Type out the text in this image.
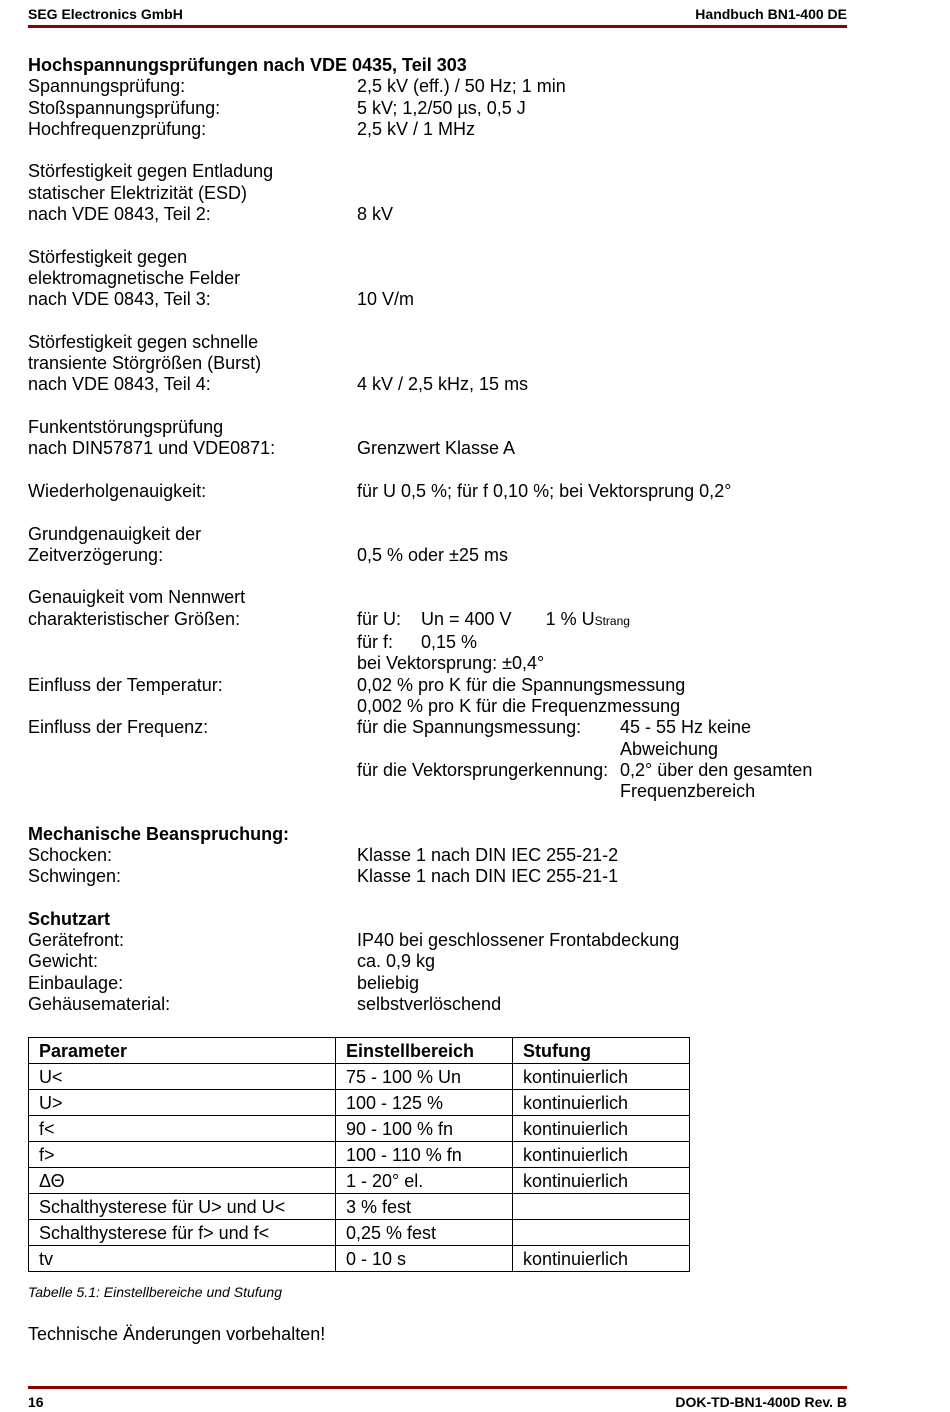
SEG Electronics GmbH	Handbuch BN1-400 DE
Hochspannungsprüfungen nach VDE 0435, Teil 303
Spannungsprüfung:	2,5 kV (eff.) / 50 Hz; 1 min
Stoßspannungsprüfung:	5 kV; 1,2/50 µs, 0,5 J
Hochfrequenzprüfung:	2,5 kV / 1 MHz
Störfestigkeit gegen Entladung
statischer Elektrizität (ESD)
nach VDE 0843, Teil 2:	8 kV
Störfestigkeit gegen
elektromagnetische Felder
nach VDE 0843, Teil 3:	10 V/m
Störfestigkeit gegen schnelle
transiente Störgrößen (Burst)
nach VDE 0843, Teil 4:	4 kV / 2,5 kHz, 15 ms
Funkentstörungsprüfung
nach DIN57871 und VDE0871:	Grenzwert Klasse A
Wiederholgenauigkeit:	für U 0,5 %; für f 0,10 %; bei Vektorsprung 0,2°
Grundgenauigkeit der
Zeitverzögerung:	0,5 % oder ±25 ms
Genauigkeit vom Nennwert
charakteristischer Größen:	für U: Un = 400 V 1 % UStrang
für f: 0,15 %
bei Vektorsprung: ±0,4°
Einfluss der Temperatur:	0,02 % pro K für die Spannungsmessung
0,002 % pro K für die Frequenzmessung
Einfluss der Frequenz:	für die Spannungsmessung:	45 - 55 Hz keine
Abweichung
für die Vektorsprungerkennung: 0,2° über den gesamten
Frequenzbereich
Mechanische Beanspruchung:
Schocken:	Klasse 1 nach DIN IEC 255-21-2
Schwingen:	Klasse 1 nach DIN IEC 255-21-1
Schutzart
Gerätefront:	IP40 bei geschlossener Frontabdeckung
Gewicht:	ca. 0,9 kg
Einbaulage:	beliebig
Gehäusematerial:	selbstverlöschend
Parameter	Einstellbereich	Stufung
U<	75 - 100 % Un	kontinuierlich
U>	100 - 125 %	kontinuierlich
f<	90 - 100 % fn	kontinuierlich
f>	100 - 110 % fn	kontinuierlich
ΔΘ	1 - 20° el.	kontinuierlich
Schalthysterese für U> und U<	3 % fest	
Schalthysterese für f> und f<	0,25 % fest	
tv	0 - 10 s	kontinuierlich
Tabelle 5.1: Einstellbereiche und Stufung
Technische Änderungen vorbehalten!
16	DOK-TD-BN1-400D Rev. B
